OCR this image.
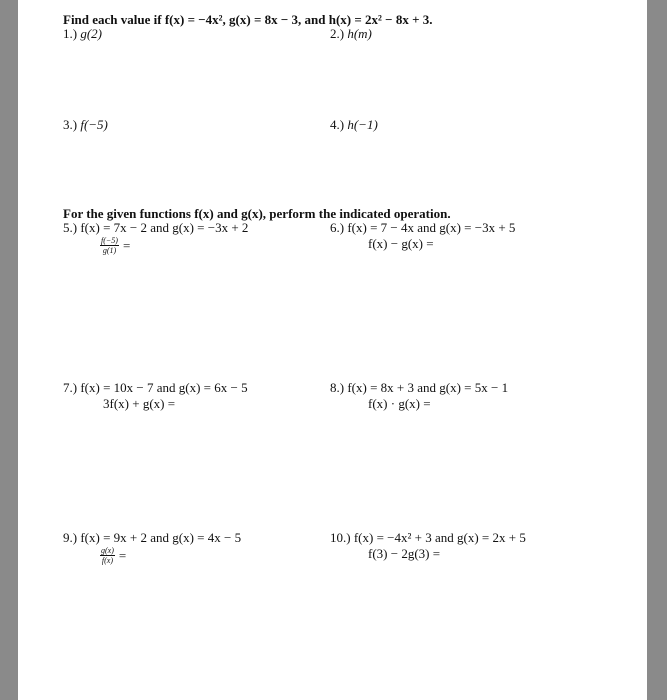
Find each value if f(x) = −4x², g(x) = 8x − 3, and h(x) = 2x² − 8x + 3.
1.) g(2)	2.) h(m)
3.) f(−5)	4.) h(−1)
For the given functions f(x) and g(x), perform the indicated operation.
5.) f(x) = 7x − 2 and g(x) = −3x + 2
$\frac{f(-5)}{g(1)}$ =
6.) f(x) = 7 − 4x and g(x) = −3x + 5
f(x) − g(x) =
7.) f(x) = 10x − 7 and g(x) = 6x − 5
3f(x) + g(x) =
8.) f(x) = 8x + 3 and g(x) = 5x − 1
f(x) · g(x) =
9.) f(x) = 9x + 2 and g(x) = 4x − 5
$\frac{g(x)}{f(x)}$ =
10.) f(x) = −4x² + 3 and g(x) = 2x + 5
f(3) − 2g(3) =
